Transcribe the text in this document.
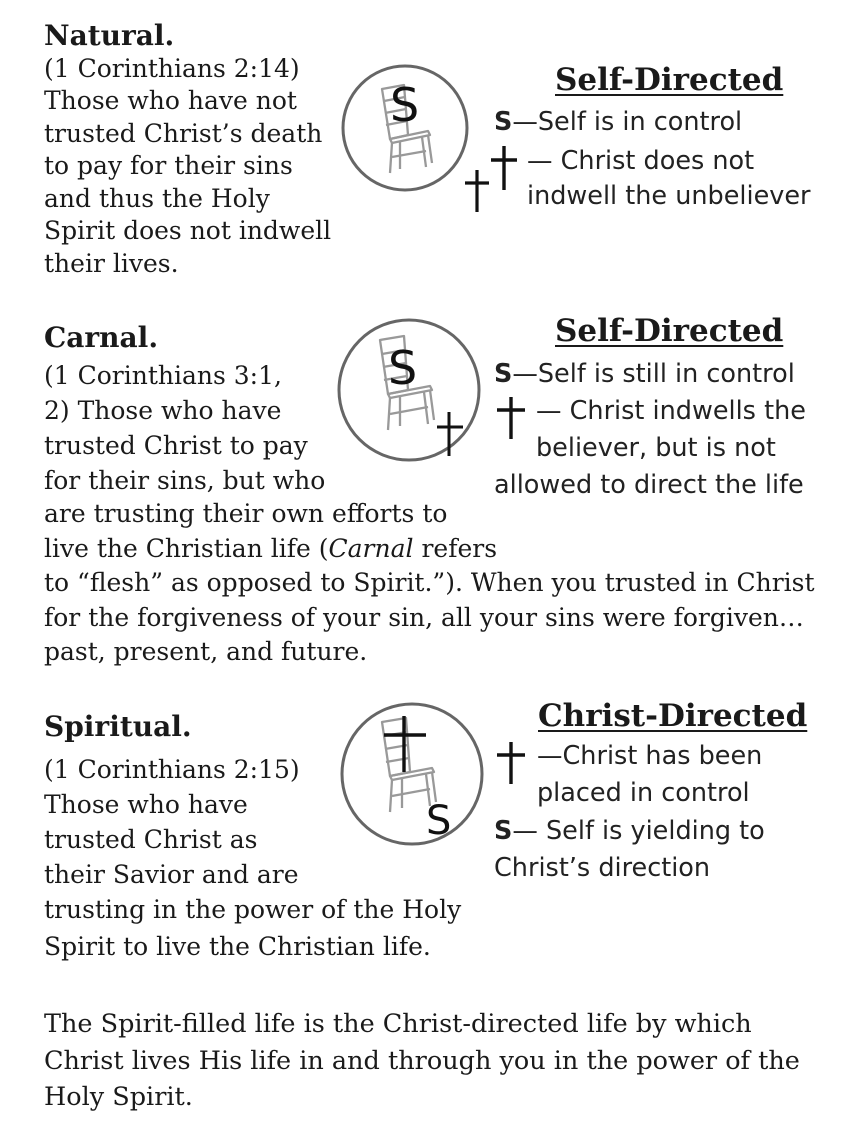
Natural.
(1 Corinthians 2:14)
Those who have not
trusted Christ’s death
to pay for their sins
and thus the Holy
Spirit does not indwell
their lives.
S	Self-Directed
S—Self is in control
— Christ does not
indwell the unbeliever
Carnal.
(1 Corinthians 3:1,
2) Those who have
trusted Christ to pay
for their sins, but who
are trusting their own efforts to
live the Christian life (Carnal refers
to “flesh” as opposed to Spirit.”). When you trusted in Christ
for the forgiveness of your sin, all your sins were forgiven…
past, present, and future.
S
Self-Directed
S—Self is still in control
— Christ indwells the
believer, but is not
allowed to direct the life
Spiritual.
(1 Corinthians 2:15)
Those who have
trusted Christ as
their Savior and are
trusting in the power of the Holy
Spirit to live the Christian life.
S
Christ-Directed
—Christ has been
placed in control
S— Self is yielding to
Christ’s direction
The Spirit-filled life is the Christ-directed life by which
Christ lives His life in and through you in the power of the
Holy Spirit.
